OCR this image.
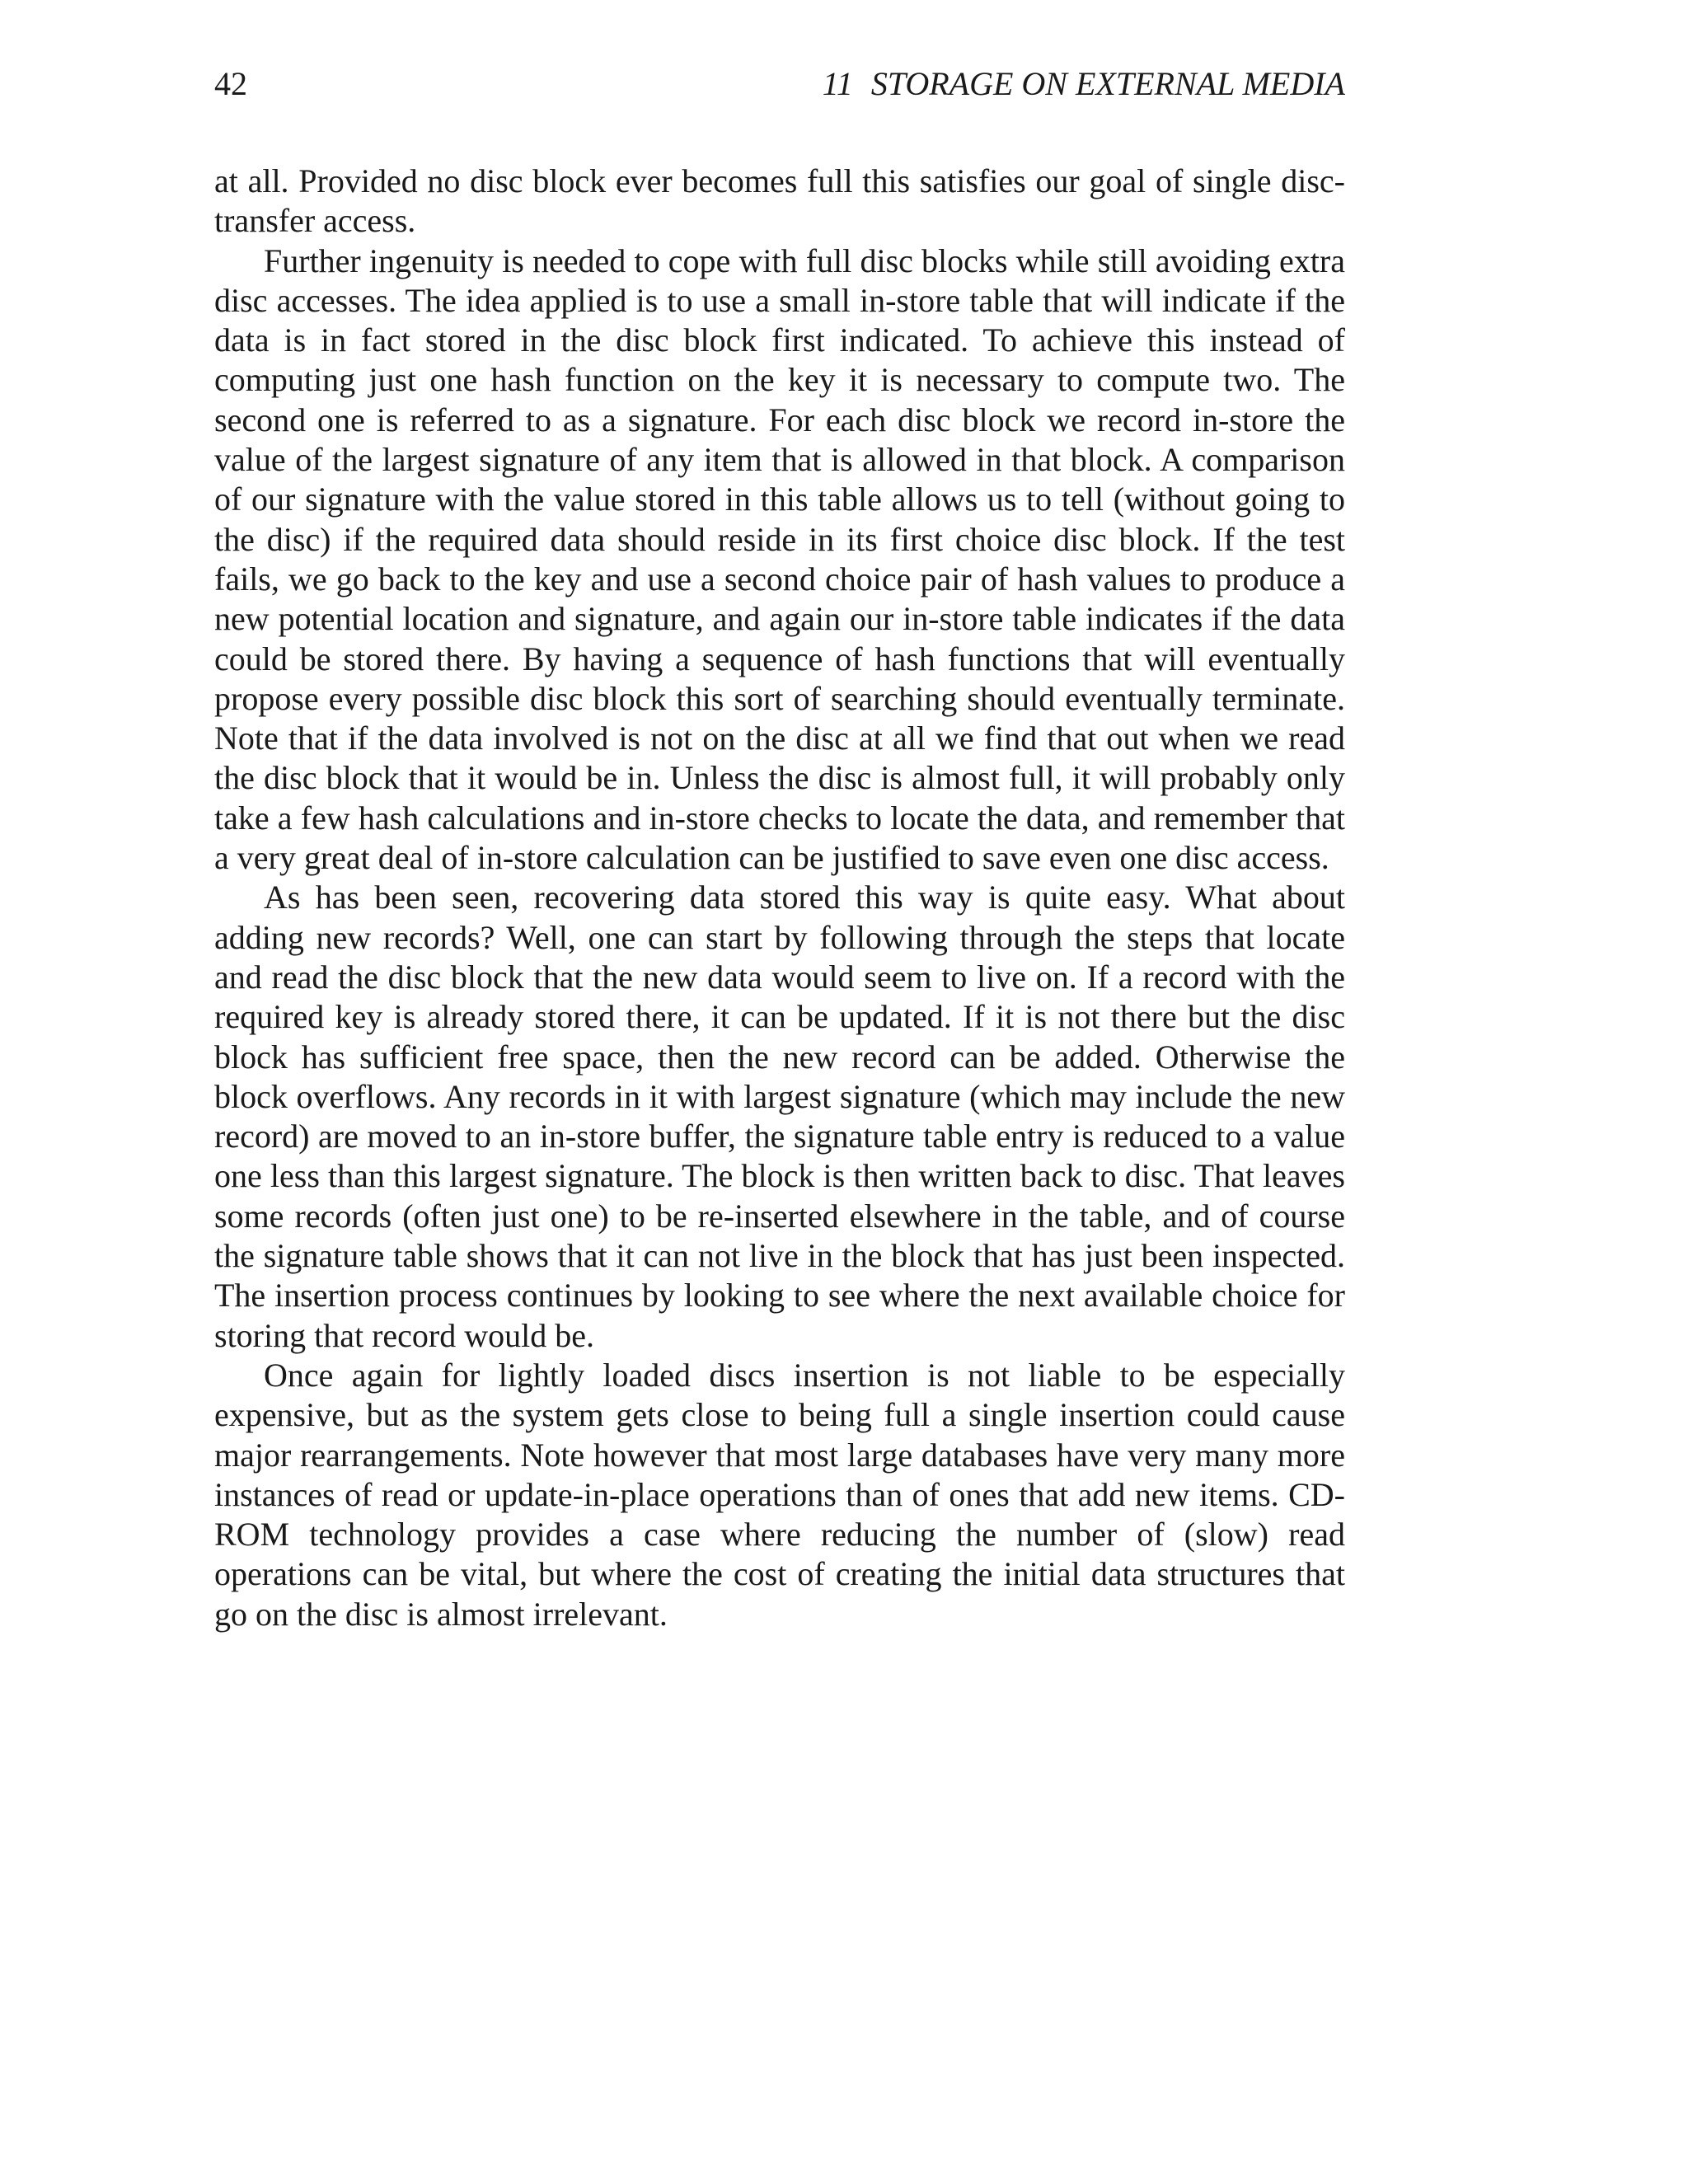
42	11 STORAGE ON EXTERNAL MEDIA

at all. Provided no disc block ever becomes full this satisfies our goal of single disc-transfer access.

Further ingenuity is needed to cope with full disc blocks while still avoiding extra disc accesses. The idea applied is to use a small in-store table that will indicate if the data is in fact stored in the disc block first indicated. To achieve this instead of computing just one hash function on the key it is necessary to compute two. The second one is referred to as a signature. For each disc block we record in-store the value of the largest signature of any item that is allowed in that block. A comparison of our signature with the value stored in this table allows us to tell (without going to the disc) if the required data should reside in its first choice disc block. If the test fails, we go back to the key and use a second choice pair of hash values to produce a new potential location and signature, and again our in-store table indicates if the data could be stored there. By having a sequence of hash functions that will eventually propose every possible disc block this sort of searching should eventually terminate. Note that if the data involved is not on the disc at all we find that out when we read the disc block that it would be in. Unless the disc is almost full, it will probably only take a few hash calculations and in-store checks to locate the data, and remember that a very great deal of in-store calculation can be justified to save even one disc access.

As has been seen, recovering data stored this way is quite easy. What about adding new records? Well, one can start by following through the steps that locate and read the disc block that the new data would seem to live on. If a record with the required key is already stored there, it can be updated. If it is not there but the disc block has sufficient free space, then the new record can be added. Otherwise the block overflows. Any records in it with largest signature (which may include the new record) are moved to an in-store buffer, the signature table entry is reduced to a value one less than this largest signature. The block is then written back to disc. That leaves some records (often just one) to be re-inserted elsewhere in the table, and of course the signature table shows that it can not live in the block that has just been inspected. The insertion process continues by looking to see where the next available choice for storing that record would be.

Once again for lightly loaded discs insertion is not liable to be especially expensive, but as the system gets close to being full a single insertion could cause major rearrangements. Note however that most large databases have very many more instances of read or update-in-place operations than of ones that add new items. CD-ROM technology provides a case where reducing the number of (slow) read operations can be vital, but where the cost of creating the initial data structures that go on the disc is almost irrelevant.
